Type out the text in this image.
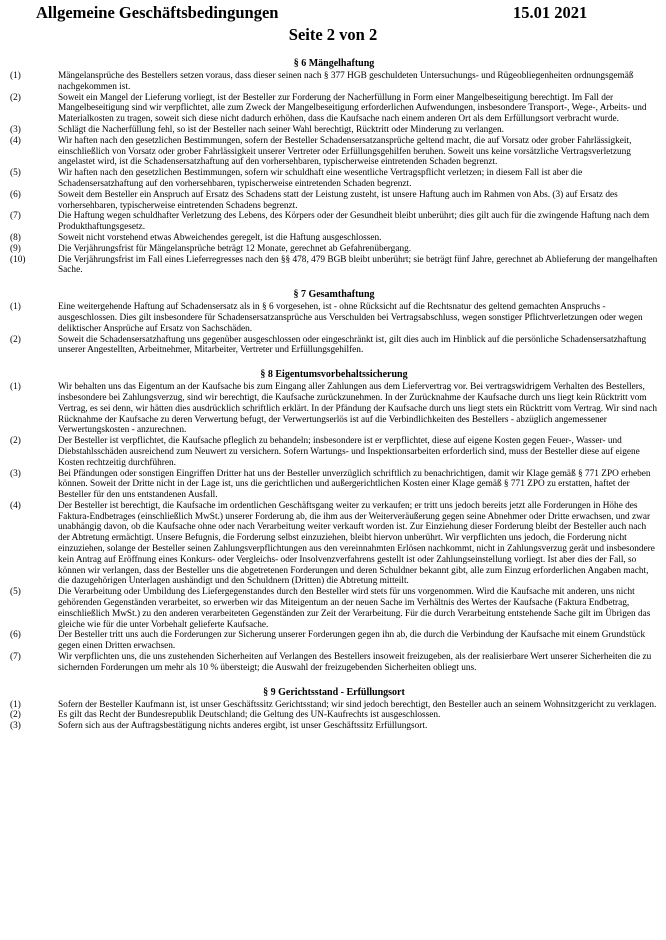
Allgemeine Geschäftsbedingungen	15.01 2021
Seite 2 von 2
§ 6 Mängelhaftung
(1)	Mängelansprüche des Bestellers setzen voraus, dass dieser seinen nach § 377 HGB geschuldeten Untersuchungs- und Rügeobliegenheiten ordnungsgemäß nachgekommen ist.
(2)	Soweit ein Mangel der Lieferung vorliegt, ist der Besteller zur Forderung der Nacherfüllung in Form einer Mangelbeseitigung berechtigt. Im Fall der Mangelbeseitigung sind wir verpflichtet, alle zum Zweck der Mangelbeseitigung erforderlichen Aufwendungen, insbesondere Transport-, Wege-, Arbeits- und Materialkosten zu tragen, soweit sich diese nicht dadurch erhöhen, dass die Kaufsache nach einem anderen Ort als dem Erfüllungsort verbracht wurde.
(3)	Schlägt die Nacherfüllung fehl, so ist der Besteller nach seiner Wahl berechtigt, Rücktritt oder Minderung zu verlangen.
(4)	Wir haften nach den gesetzlichen Bestimmungen, sofern der Besteller Schadensersatzansprüche geltend macht, die auf Vorsatz oder grober Fahrlässigkeit, einschließlich von Vorsatz oder grober Fahrlässigkeit unserer Vertreter oder Erfüllungsgehilfen beruhen. Soweit uns keine vorsätzliche Vertragsverletzung angelastet wird, ist die Schadensersatzhaftung auf den vorhersehbaren, typischerweise eintretenden Schaden begrenzt.
(5)	Wir haften nach den gesetzlichen Bestimmungen, sofern wir schuldhaft eine wesentliche Vertragspflicht verletzen; in diesem Fall ist aber die Schadensersatzhaftung auf den vorhersehbaren, typischerweise eintretenden Schaden begrenzt.
(6)	Soweit dem Besteller ein Anspruch auf Ersatz des Schadens statt der Leistung zusteht, ist unsere Haftung auch im Rahmen von Abs. (3) auf Ersatz des vorhersehbaren, typischerweise eintretenden Schadens begrenzt.
(7)	Die Haftung wegen schuldhafter Verletzung des Lebens, des Körpers oder der Gesundheit bleibt unberührt; dies gilt auch für die zwingende Haftung nach dem Produkthaftungsgesetz.
(8)	Soweit nicht vorstehend etwas Abweichendes geregelt, ist die Haftung ausgeschlossen.
(9)	Die Verjährungsfrist für Mängelansprüche beträgt 12 Monate, gerechnet ab Gefahrenübergang.
(10)	Die Verjährungsfrist im Fall eines Lieferregresses nach den §§ 478, 479 BGB bleibt unberührt; sie beträgt fünf Jahre, gerechnet ab Ablieferung der mangelhaften Sache.
§ 7 Gesamthaftung
(1)	Eine weitergehende Haftung auf Schadensersatz als in § 6 vorgesehen, ist - ohne Rücksicht auf die Rechtsnatur des geltend gemachten Anspruchs - ausgeschlossen. Dies gilt insbesondere für Schadensersatzansprüche aus Verschulden bei Vertragsabschluss, wegen sonstiger Pflichtverletzungen oder wegen deliktischer Ansprüche auf Ersatz von Sachschäden.
(2)	Soweit die Schadensersatzhaftung uns gegenüber ausgeschlossen oder eingeschränkt ist, gilt dies auch im Hinblick auf die persönliche Schadensersatzhaftung unserer Angestellten, Arbeitnehmer, Mitarbeiter, Vertreter und Erfüllungsgehilfen.
§ 8 Eigentumsvorbehaltssicherung
(1)	Wir behalten uns das Eigentum an der Kaufsache bis zum Eingang aller Zahlungen aus dem Liefervertrag vor. Bei vertragswidrigem Verhalten des Bestellers, insbesondere bei Zahlungsverzug, sind wir berechtigt, die Kaufsache zurückzunehmen. In der Zurücknahme der Kaufsache durch uns liegt kein Rücktritt vom Vertrag, es sei denn, wir hätten dies ausdrücklich schriftlich erklärt. In der Pfändung der Kaufsache durch uns liegt stets ein Rücktritt vom Vertrag. Wir sind nach Rücknahme der Kaufsache zu deren Verwertung befugt, der Verwertungserlös ist auf die Verbindlichkeiten des Bestellers - abzüglich angemessener Verwertungskosten - anzurechnen.
(2)	Der Besteller ist verpflichtet, die Kaufsache pfleglich zu behandeln; insbesondere ist er verpflichtet, diese auf eigene Kosten gegen Feuer-, Wasser- und Diebstahlsschäden ausreichend zum Neuwert zu versichern. Sofern Wartungs- und Inspektionsarbeiten erforderlich sind, muss der Besteller diese auf eigene Kosten rechtzeitig durchführen.
(3)	Bei Pfändungen oder sonstigen Eingriffen Dritter hat uns der Besteller unverzüglich schriftlich zu benachrichtigen, damit wir Klage gemäß § 771 ZPO erheben können. Soweit der Dritte nicht in der Lage ist, uns die gerichtlichen und außergerichtlichen Kosten einer Klage gemäß § 771 ZPO zu erstatten, haftet der Besteller für den uns entstandenen Ausfall.
(4)	Der Besteller ist berechtigt, die Kaufsache im ordentlichen Geschäftsgang weiter zu verkaufen; er tritt uns jedoch bereits jetzt alle Forderungen in Höhe des Faktura-Endbetrages (einschließlich MwSt.) unserer Forderung ab, die ihm aus der Weiterveräußerung gegen seine Abnehmer oder Dritte erwachsen, und zwar unabhängig davon, ob die Kaufsache ohne oder nach Verarbeitung weiter verkauft worden ist. Zur Einziehung dieser Forderung bleibt der Besteller auch nach der Abtretung ermächtigt. Unsere Befugnis, die Forderung selbst einzuziehen, bleibt hiervon unberührt. Wir verpflichten uns jedoch, die Forderung nicht einzuziehen, solange der Besteller seinen Zahlungsverpflichtungen aus den vereinnahmten Erlösen nachkommt, nicht in Zahlungsverzug gerät und insbesondere kein Antrag auf Eröffnung eines Konkurs- oder Vergleichs- oder Insolvenzverfahrens gestellt ist oder Zahlungseinstellung vorliegt. Ist aber dies der Fall, so können wir verlangen, dass der Besteller uns die abgetretenen Forderungen und deren Schuldner bekannt gibt, alle zum Einzug erforderlichen Angaben macht, die dazugehörigen Unterlagen aushändigt und den Schuldnern (Dritten) die Abtretung mitteilt.
(5)	Die Verarbeitung oder Umbildung des Liefergegenstandes durch den Besteller wird stets für uns vorgenommen. Wird die Kaufsache mit anderen, uns nicht gehörenden Gegenständen verarbeitet, so erwerben wir das Miteigentum an der neuen Sache im Verhältnis des Wertes der Kaufsache (Faktura Endbetrag, einschließlich MwSt.) zu den anderen verarbeiteten Gegenständen zur Zeit der Verarbeitung. Für die durch Verarbeitung entstehende Sache gilt im Übrigen das gleiche wie für die unter Vorbehalt gelieferte Kaufsache.
(6)	Der Besteller tritt uns auch die Forderungen zur Sicherung unserer Forderungen gegen ihn ab, die durch die Verbindung der Kaufsache mit einem Grundstück gegen einen Dritten erwachsen.
(7)	Wir verpflichten uns, die uns zustehenden Sicherheiten auf Verlangen des Bestellers insoweit freizugeben, als der realisierbare Wert unserer Sicherheiten die zu sichernden Forderungen um mehr als 10 % übersteigt; die Auswahl der freizugebenden Sicherheiten obliegt uns.
§ 9 Gerichtsstand - Erfüllungsort
(1)	Sofern der Besteller Kaufmann ist, ist unser Geschäftssitz Gerichtsstand; wir sind jedoch berechtigt, den Besteller auch an seinem Wohnsitzgericht zu verklagen.
(2)	Es gilt das Recht der Bundesrepublik Deutschland; die Geltung des UN-Kaufrechts ist ausgeschlossen.
(3)	Sofern sich aus der Auftragsbestätigung nichts anderes ergibt, ist unser Geschäftssitz Erfüllungsort.
